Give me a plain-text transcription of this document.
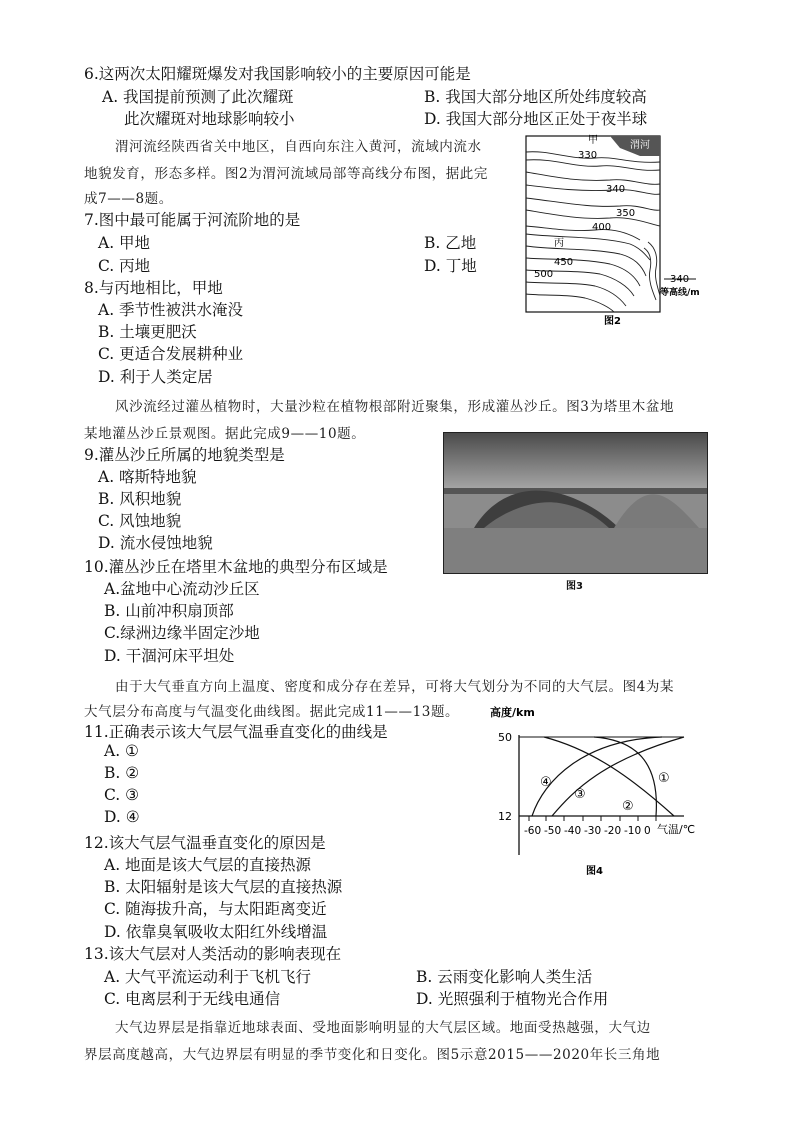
6.这两次太阳耀斑爆发对我国影响较小的主要原因可能是
A. 我国提前预测了此次耀斑	B. 我国大部分地区所处纬度较高
此次耀斑对地球影响较小	D. 我国大部分地区正处于夜半球
渭河流经陕西省关中地区，自西向东注入黄河，流域内流水
地貌发育，形态多样。图2为渭河流域局部等高线分布图，据此完
成7——8题。
7.图中最可能属于河流阶地的是
A. 甲地	B. 乙地
C. 丙地	D. 丁地
8.与丙地相比，甲地
A. 季节性被洪水淹没
B. 土壤更肥沃
C. 更适合发展耕种业
D. 利于人类定居
渭河
甲
330
340
350
400
丙
450
500	340
等高线/m
图2
风沙流经过灌丛植物时，大量沙粒在植物根部附近聚集，形成灌丛沙丘。图3为塔里木盆地
某地灌丛沙丘景观图。据此完成9——10题。
9.灌丛沙丘所属的地貌类型是
A. 喀斯特地貌
B. 风积地貌
C. 风蚀地貌
D. 流水侵蚀地貌
图3
10.灌丛沙丘在塔里木盆地的典型分布区域是
A.盆地中心流动沙丘区
B. 山前冲积扇顶部
C.绿洲边缘半固定沙地
D. 干涸河床平坦处
由于大气垂直方向上温度、密度和成分存在差异，可将大气划分为不同的大气层。图4为某
大气层分布高度与气温变化曲线图。据此完成11——13题。
11.正确表示该大气层气温垂直变化的曲线是
A. ①
B. ②
C. ③
D. ④
高度/km
50
12
-60 -50 -40 -30 -20 -10 0 气温/℃
④
③
②
①
图4
12.该大气层气温垂直变化的原因是
A. 地面是该大气层的直接热源
B. 太阳辐射是该大气层的直接热源
C. 随海拔升高，与太阳距离变近
D. 依靠臭氧吸收太阳红外线增温
13.该大气层对人类活动的影响表现在
A. 大气平流运动利于飞机飞行	B. 云雨变化影响人类生活
C. 电离层利于无线电通信	D. 光照强利于植物光合作用
大气边界层是指靠近地球表面、受地面影响明显的大气层区域。地面受热越强，大气边
界层高度越高，大气边界层有明显的季节变化和日变化。图5示意2015——2020年长三角地
